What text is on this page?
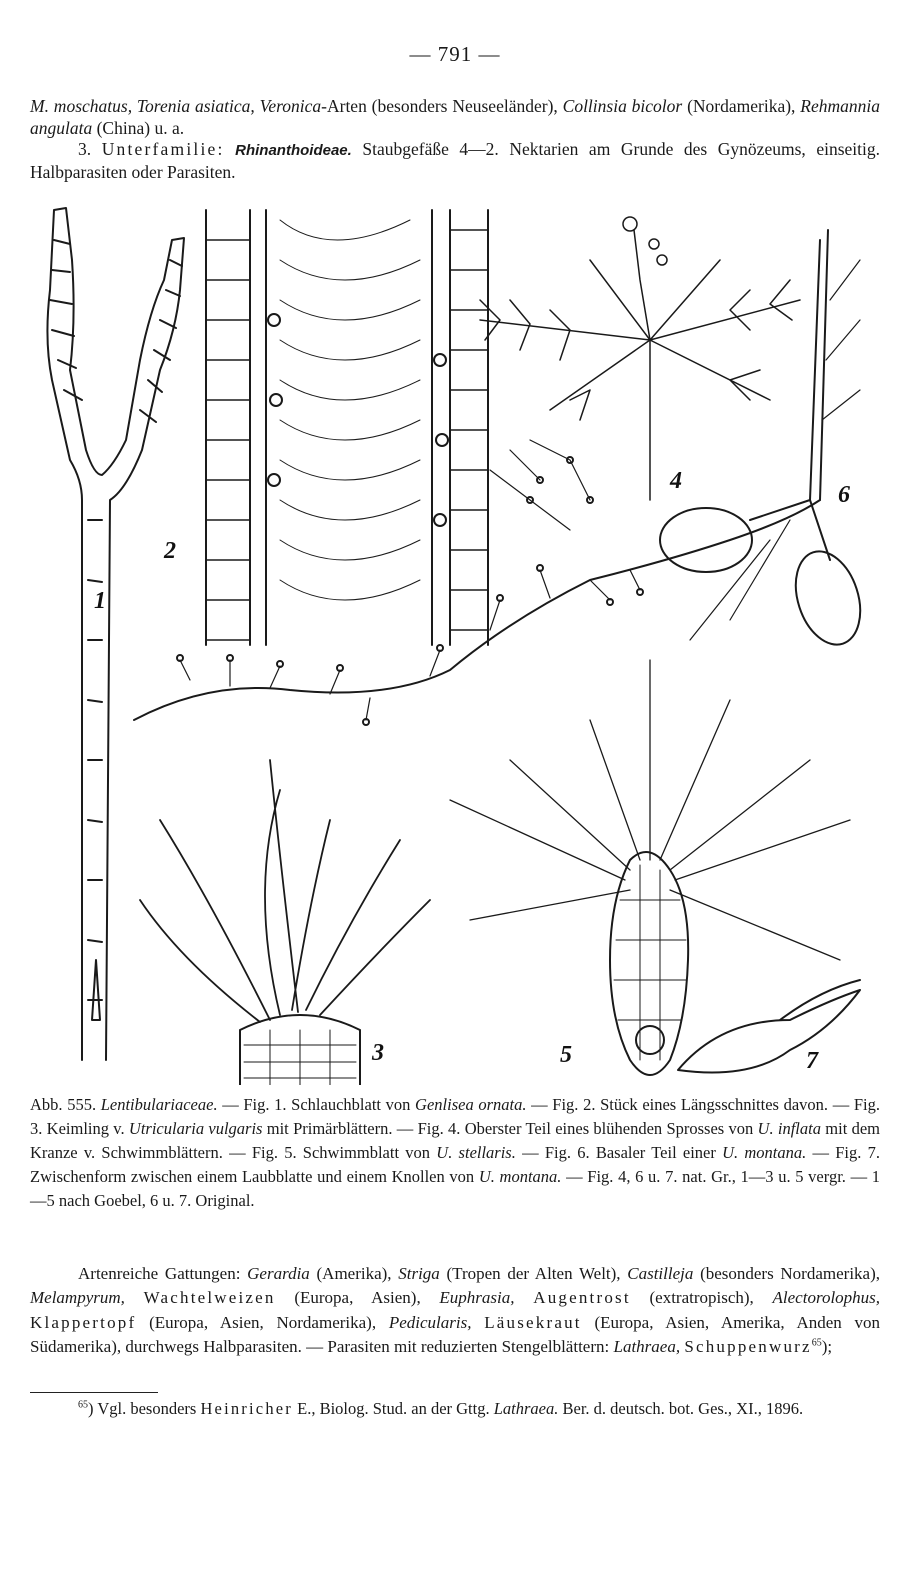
— 791 —

M. moschatus, Torenia asiatica, Veronica-Arten (besonders Neuseeländer), Collinsia bicolor (Nordamerika), Rehmannia angulata (China) u. a.

3. Unterfamilie: Rhinanthoideae. Staubgefäße 4—2. Nektarien am Grunde des Gynözeums, einseitig. Halbparasiten oder Parasiten.

1
2
3
4
5
6
7
Abb. 555. Lentibulariaceae. — Fig. 1. Schlauchblatt von Genlisea ornata. — Fig. 2. Stück eines Längsschnittes davon. — Fig. 3. Keimling v. Utricularia vulgaris mit Primärblättern. — Fig. 4. Oberster Teil eines blühenden Sprosses von U. inflata mit dem Kranze v. Schwimmblättern. — Fig. 5. Schwimmblatt von U. stellaris. — Fig. 6. Basaler Teil einer U. montana. — Fig. 7. Zwischenform zwischen einem Laubblatte und einem Knollen von U. montana. — Fig. 4, 6 u. 7. nat. Gr., 1—3 u. 5 vergr. — 1—5 nach Goebel, 6 u. 7. Original.
Artenreiche Gattungen: Gerardia (Amerika), Striga (Tropen der Alten Welt), Castilleja (besonders Nordamerika), Melampyrum, Wachtelweizen (Europa, Asien), Euphrasia, Augentrost (extratropisch), Alectorolophus, Klappertopf (Europa, Asien, Nordamerika), Pedicularis, Läusekraut (Europa, Asien, Amerika, Anden von Südamerika), durchwegs Halbparasiten. — Parasiten mit reduzierten Stengelblättern: Lathraea, Schuppenwurz$^{65}$);
$^{65}$) Vgl. besonders Heinricher E., Biolog. Stud. an der Gttg. Lathraea. Ber. d. deutsch. bot. Ges., XI., 1896.
